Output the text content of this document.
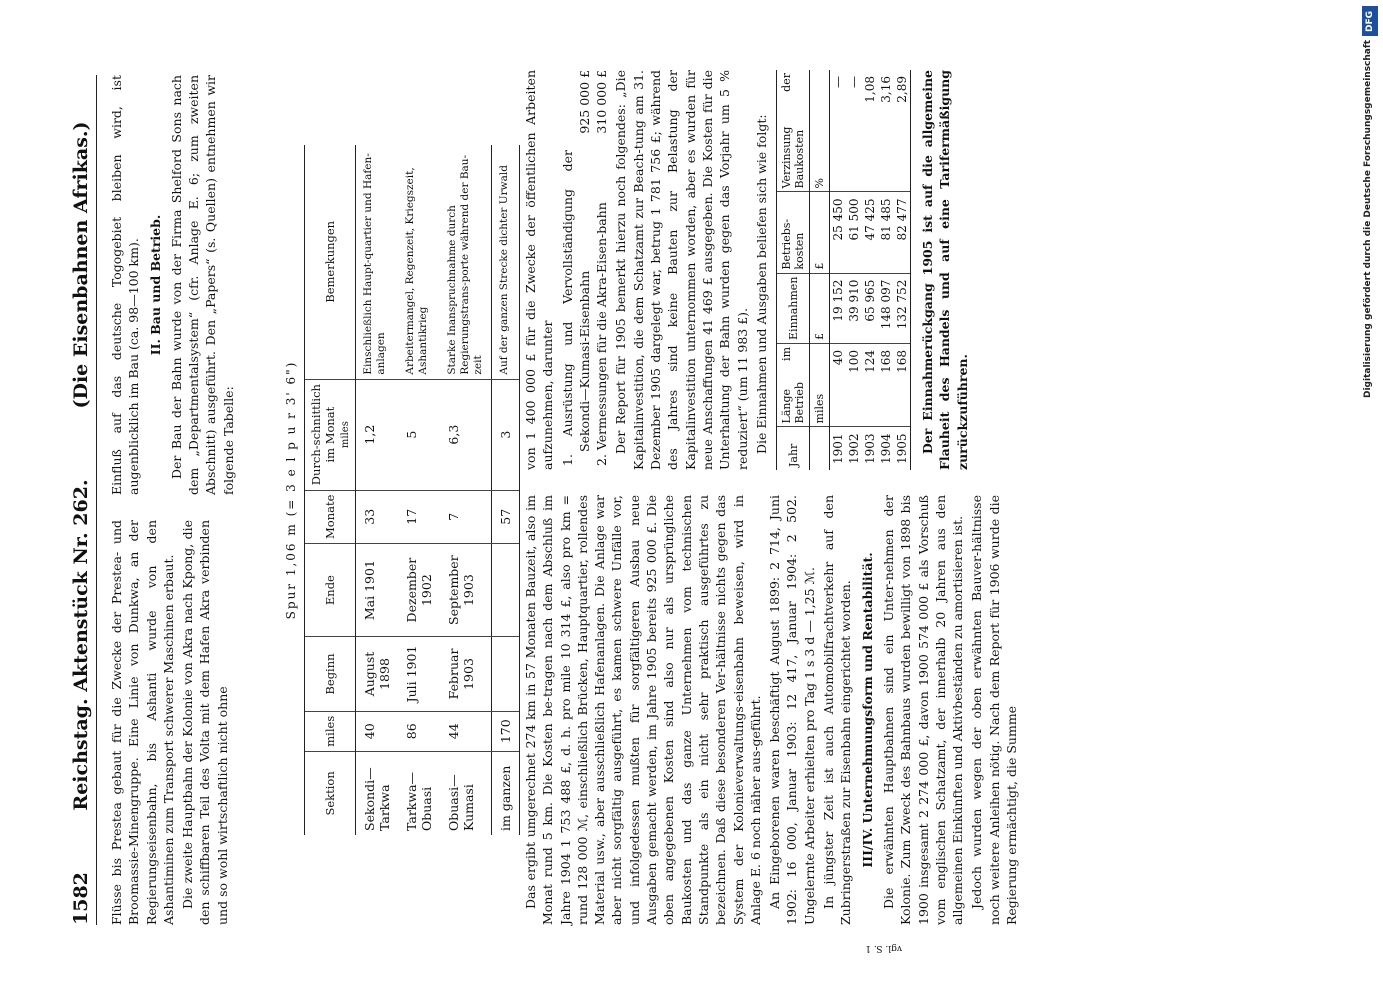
1582
Reichstag. Aktenstück Nr. 262.
(Die Eisenbahnen Afrikas.)

Flüsse bis Prestea gebaut für die Zwecke der Prestea- und Broomassie-Minengruppe. Eine Linie von Dunkwa, an der Regierungseisenbahn, bis Ashanti wurde von den Ashantiminen zum Transport schwerer Maschinen erbaut. Die zweite Hauptbahn der Kolonie von Akra nach Kpong, die den schiffbaren Teil des Volta mit dem Hafen Akra verbinden und so wohl wirtschaftlich nicht ohne

Einfluß auf das deutsche Togogebiet bleiben wird, ist augenblicklich im Bau (ca. 98—100 km). II. Bau und Betrieb. Der Bau der Bahn wurde von der Firma Shelford Sons nach dem „Departmentalsystem“ (cfr. Anlage E. 6; zum zweiten Abschnitt) ausgeführt. Den „Papers“ (s. Quellen) entnehmen wir folgende Tabelle:	Spur 1,06 m (= 3 e l p u r 3' 6")
Sektion	miles	Beginn	Ende	Monate	Durch-schnittlich im Monat miles	Bemerkungen
Sekondi—Tarkwa	40	August 1898	Mai 1901	33	1,2	Einschließlich Haupt-quartier und Hafen-anlagen
Tarkwa—Obuasi	86	Juli 1901	Dezember 1902	17	5	Arbeitermangel, Regenzeit, Kriegszeit, Ashantikrieg
Obuasi—Kumasi	44	Februar 1903	September 1903	7	6,3	Starke Inanspruchnahme durch Regierungstrans-porte während der Bau-zeit
im ganzen	170			57	3	Auf der ganzen Strecke dichter Urwald

Das ergibt umgerechnet 274 km in 57 Monaten Bauzeit, also im Monat rund 5 km. Die Kosten be-tragen nach dem Abschluß im Jahre 1904 1 753 488 £, d. h. pro mile 10 314 £, also pro km = rund 128 000 ℳ, einschließlich Brücken, Hauptquartier, rollendes Material usw., aber ausschließlich Hafenanlagen. Die Anlage war aber nicht sorgfältig ausgeführt, es kamen schwere Unfälle vor, und infolgedessen mußten für sorgfältigeren Ausbau neue Ausgaben gemacht werden, im Jahre 1905 bereits 925 000 £. Die oben angegebenen Kosten sind also nur als ursprüngliche Baukosten und das ganze Unternehmen vom technischen Standpunkte als ein nicht sehr praktisch ausgeführtes zu bezeichnen. Daß diese besonderen Ver-hältnisse nichts gegen das System der Kolonieverwaltungs-eisenbahn beweisen, wird in Anlage E. 6 noch näher aus-geführt. An Eingeborenen waren beschäftigt August 1899: 2 714, Juni 1902: 16 000, Januar 1903: 12 417, Januar 1904: 2 502. Ungelernte Arbeiter erhielten pro Tag 1 s 3 d — 1,25 ℳ. In jüngster Zeit ist auch Automobilfrachtverkehr auf den Zubringerstraßen zur Eisenbahn eingerichtet worden. III/IV. Unternehmungsform und Rentabilität. Die erwähnten Hauptbahnen sind ein Unter-nehmen der Kolonie. Zum Zweck des Bahnbaus wurden bewilligt von 1898 bis 1900 insgesamt 2 274 000 £, davon 1900 574 000 £ als Vorschuß vom englischen Schatzamt, der innerhalb 20 Jahren aus den allgemeinen Einkünften und Aktivbeständen zu amortisieren ist. Jedoch wurden wegen der oben erwähnten Bauver-hältnisse noch weitere Anleihen nötig. Nach dem Report für 1906 wurde die Regierung ermächtigt, die Summe

von 1 400 000 £ für die Zwecke der öffentlichen Arbeiten aufzunehmen, darunter 1. Ausrüstung und Vervollständigung der Sekondi—Kumasi-Eisenbahn
925 000 £
2. Vermessungen für die Akra-Eisen-bahn
310 000 £ Der Report für 1905 bemerkt hierzu noch folgendes: „Die Kapitalinvestition, die dem Schatzamt zur Beach-tung am 31. Dezember 1905 dargelegt war, betrug 1 781 756 £; während des Jahres sind keine Bauten zur Belastung der Kapitalinvestition unternommen worden, aber es wurden für neue Anschaffungen 41 469 £ ausgegeben. Die Kosten für die Unterhaltung der Bahn wurden gegen das Vorjahr um 5 % reduziert“ (um 11 983 £). Die Einnahmen und Ausgaben beliefen sich wie folgt:

Jahr	Länge im Betrieb	Einnahmen	Betriebs-kosten	Verzinsung der Baukosten
	miles	£	£	%
1901	40	19 152	25 450	—
1902	100	39 910	61 500	—
1903	124	65 965	47 425	1,08
1904	168	148 097	81 485	3,16
1905	168	132 752	82 477	2,89 Der Einnahmerückgang 1905 ist auf die allgemeine Flauheit des Handels und auf eine Tarifermäßigung zurückzuführen.

vgl. S. 1
DFG
Digitalisierung gefördert durch die Deutsche Forschungsgemeinschaft
